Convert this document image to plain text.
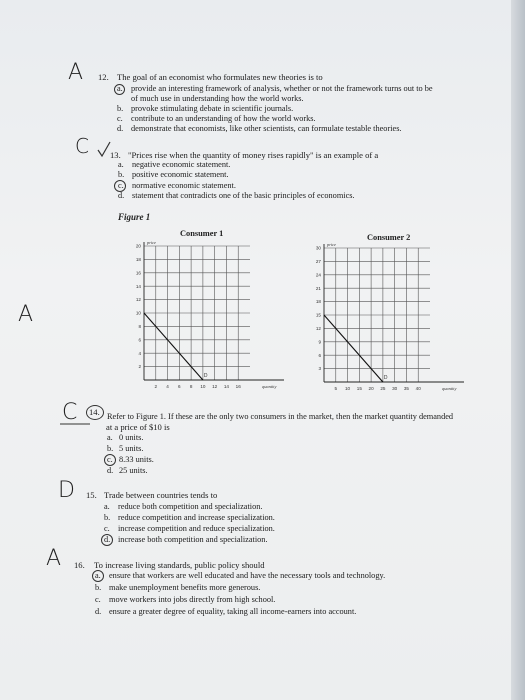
A 12. The goal of an economist who formulates new theories is to
a. provide an interesting framework of analysis, whether or not the framework turns out to be
of much use in understanding how the world works.
b. provoke stimulating debate in scientific journals.
c. contribute to an understanding of how the world works.
d. demonstrate that economists, like other scientists, can formulate testable theories.
C 13. "Prices rise when the quantity of money rises rapidly" is an example of a
a. negative economic statement.
b. positive economic statement.
c. normative economic statement.
d. statement that contradicts one of the basic principles of economics.
Figure 1
A
Consumer 1
2 4 6 8 10 12 14 16
2
4
6
8
10
12
14
16
18
20
price
quantity
D
Consumer 2
5 10 15 20 25 30 35 40
3
6
9
12
15
18
21
24
27
30
price
quantity
D
C 14. Refer to Figure 1. If these are the only two consumers in the market, then the market quantity demanded
at a price of $10 is
a. 0 units.
b. 5 units.
c. 8.33 units.
d. 25 units.
D 15. Trade between countries tends to
a. reduce both competition and specialization.
b. reduce competition and increase specialization.
c. increase competition and reduce specialization.
d. increase both competition and specialization.
A 16. To increase living standards, public policy should
a. ensure that workers are well educated and have the necessary tools and technology.
b. make unemployment benefits more generous.
c. move workers into jobs directly from high school.
d. ensure a greater degree of equality, taking all income-earners into account.
